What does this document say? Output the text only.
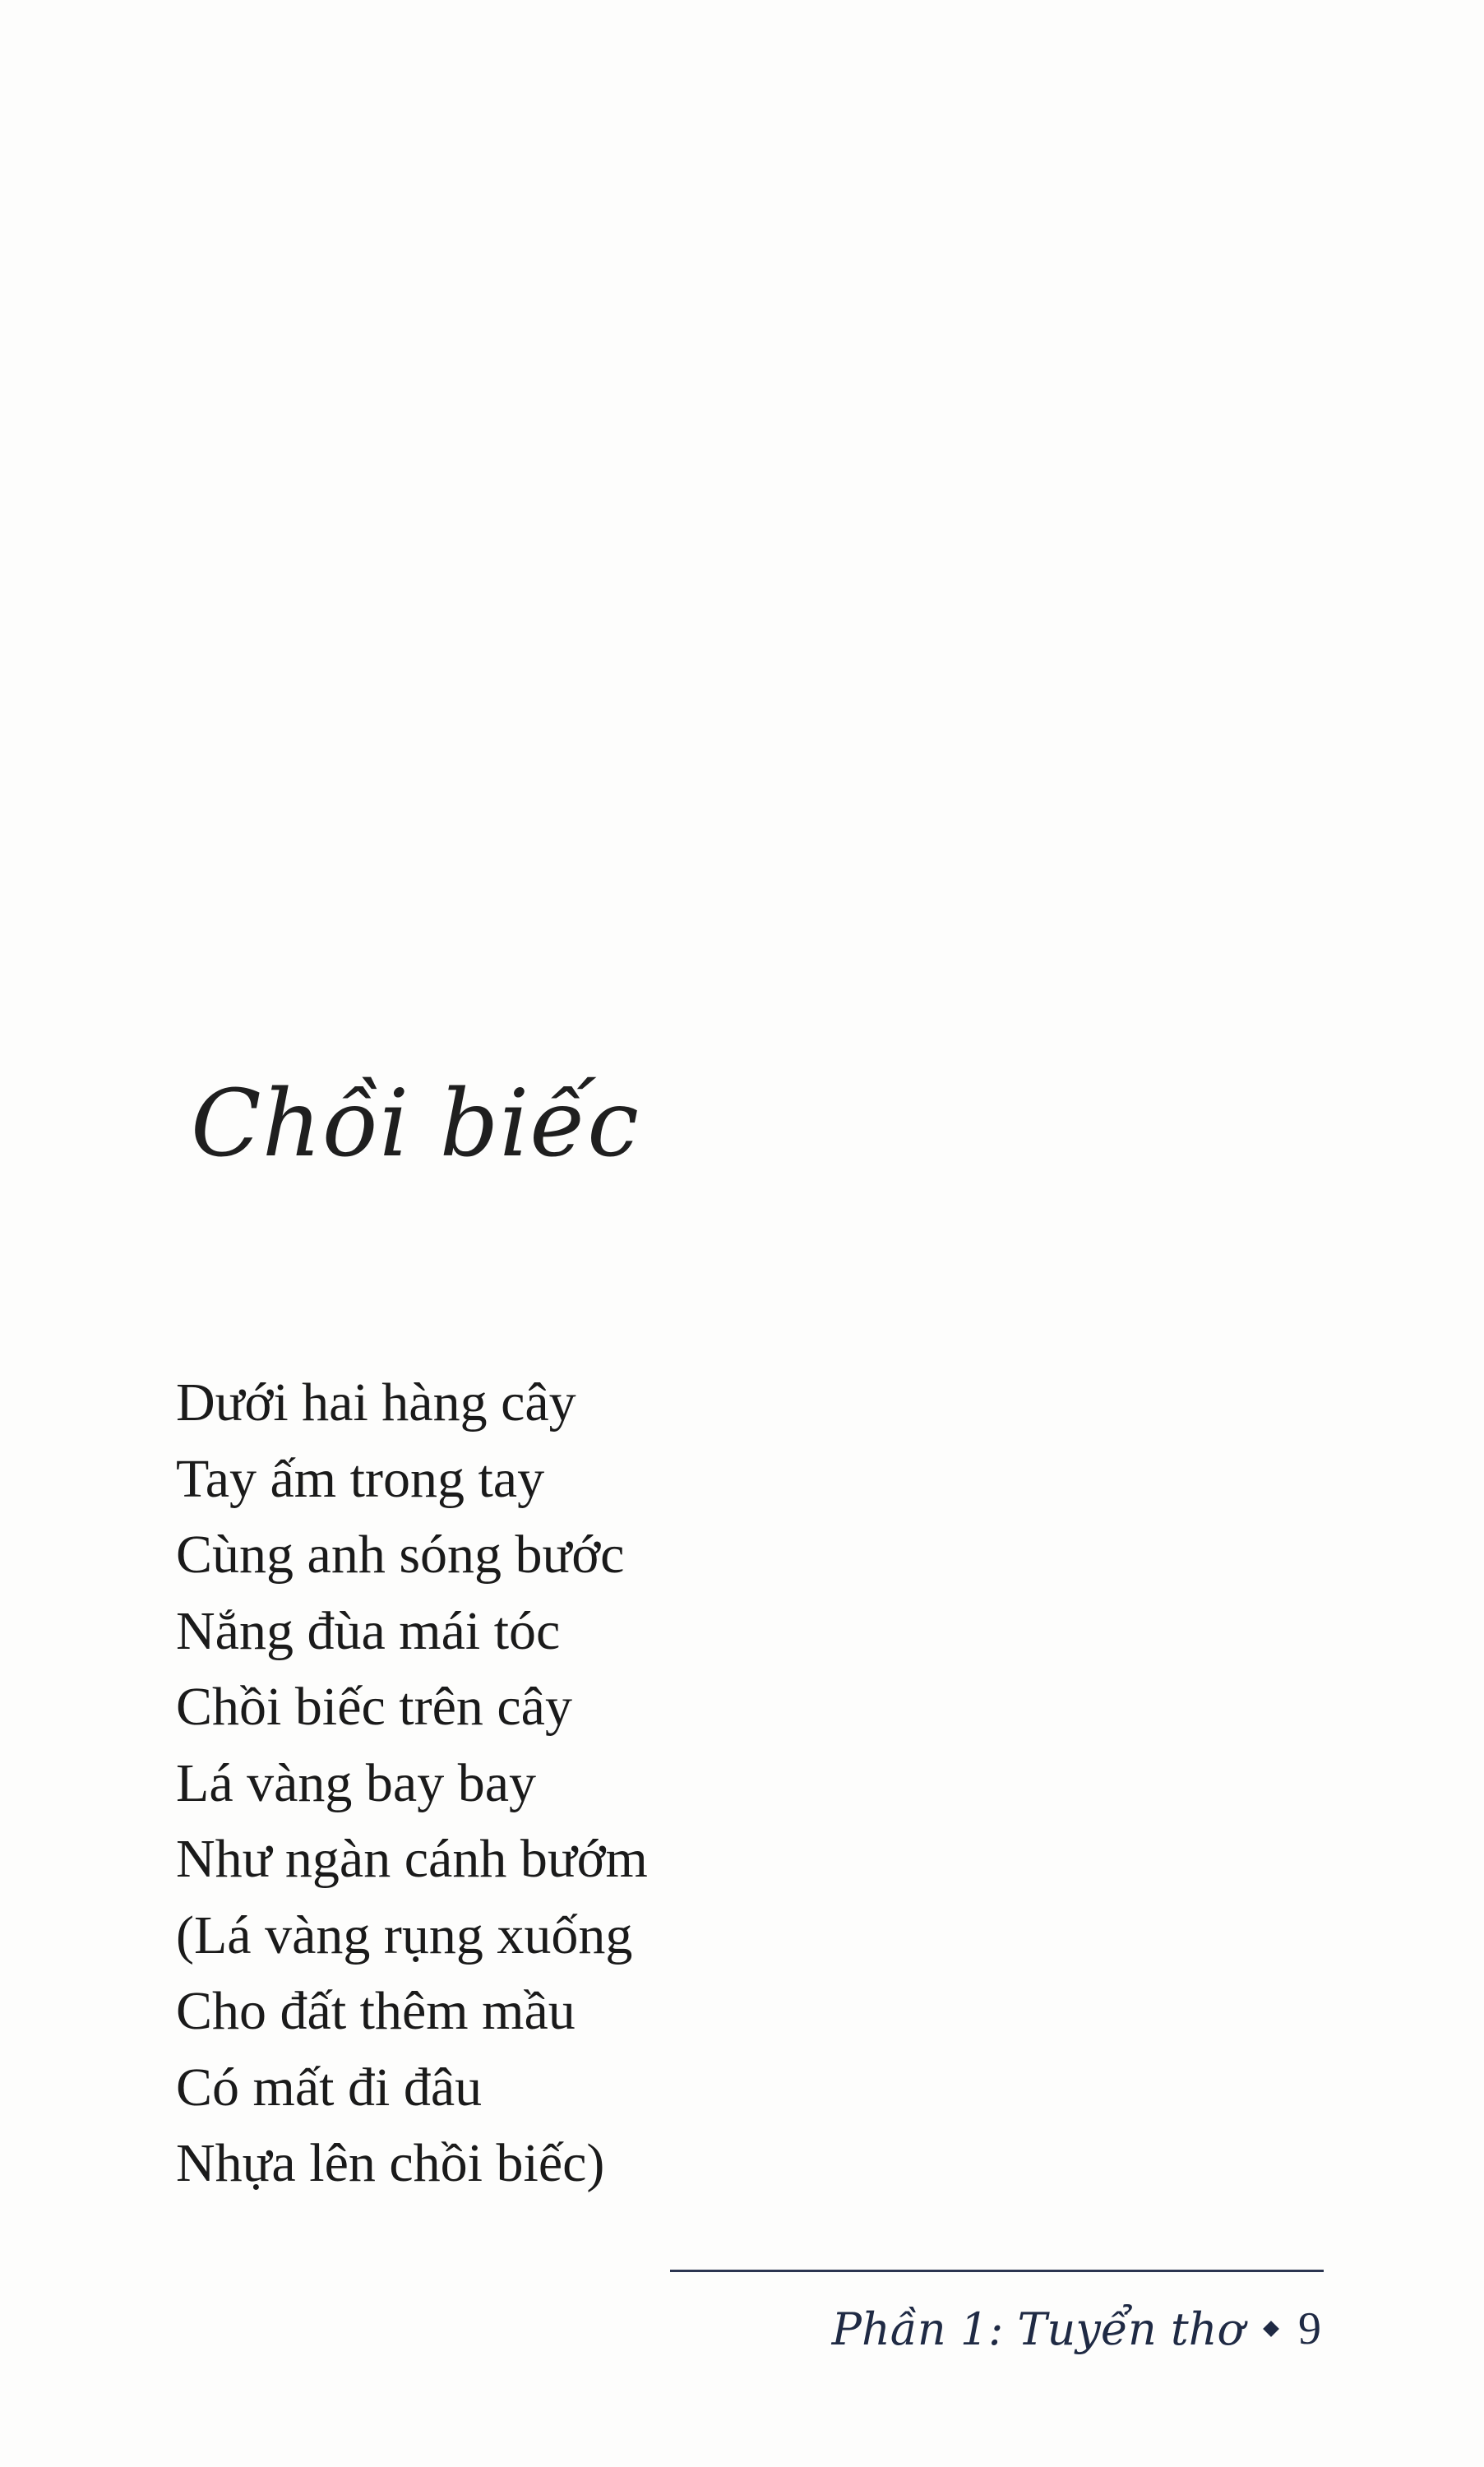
Chồi biếc
Dưới hai hàng cây
Tay ấm trong tay
Cùng anh sóng bước
Nắng đùa mái tóc
Chồi biếc trên cây
Lá vàng bay bay
Như ngàn cánh bướm
(Lá vàng rụng xuống
Cho đất thêm mầu
Có mất đi đâu
Nhựa lên chồi biếc)
Phần 1: Tuyển thơ 9
